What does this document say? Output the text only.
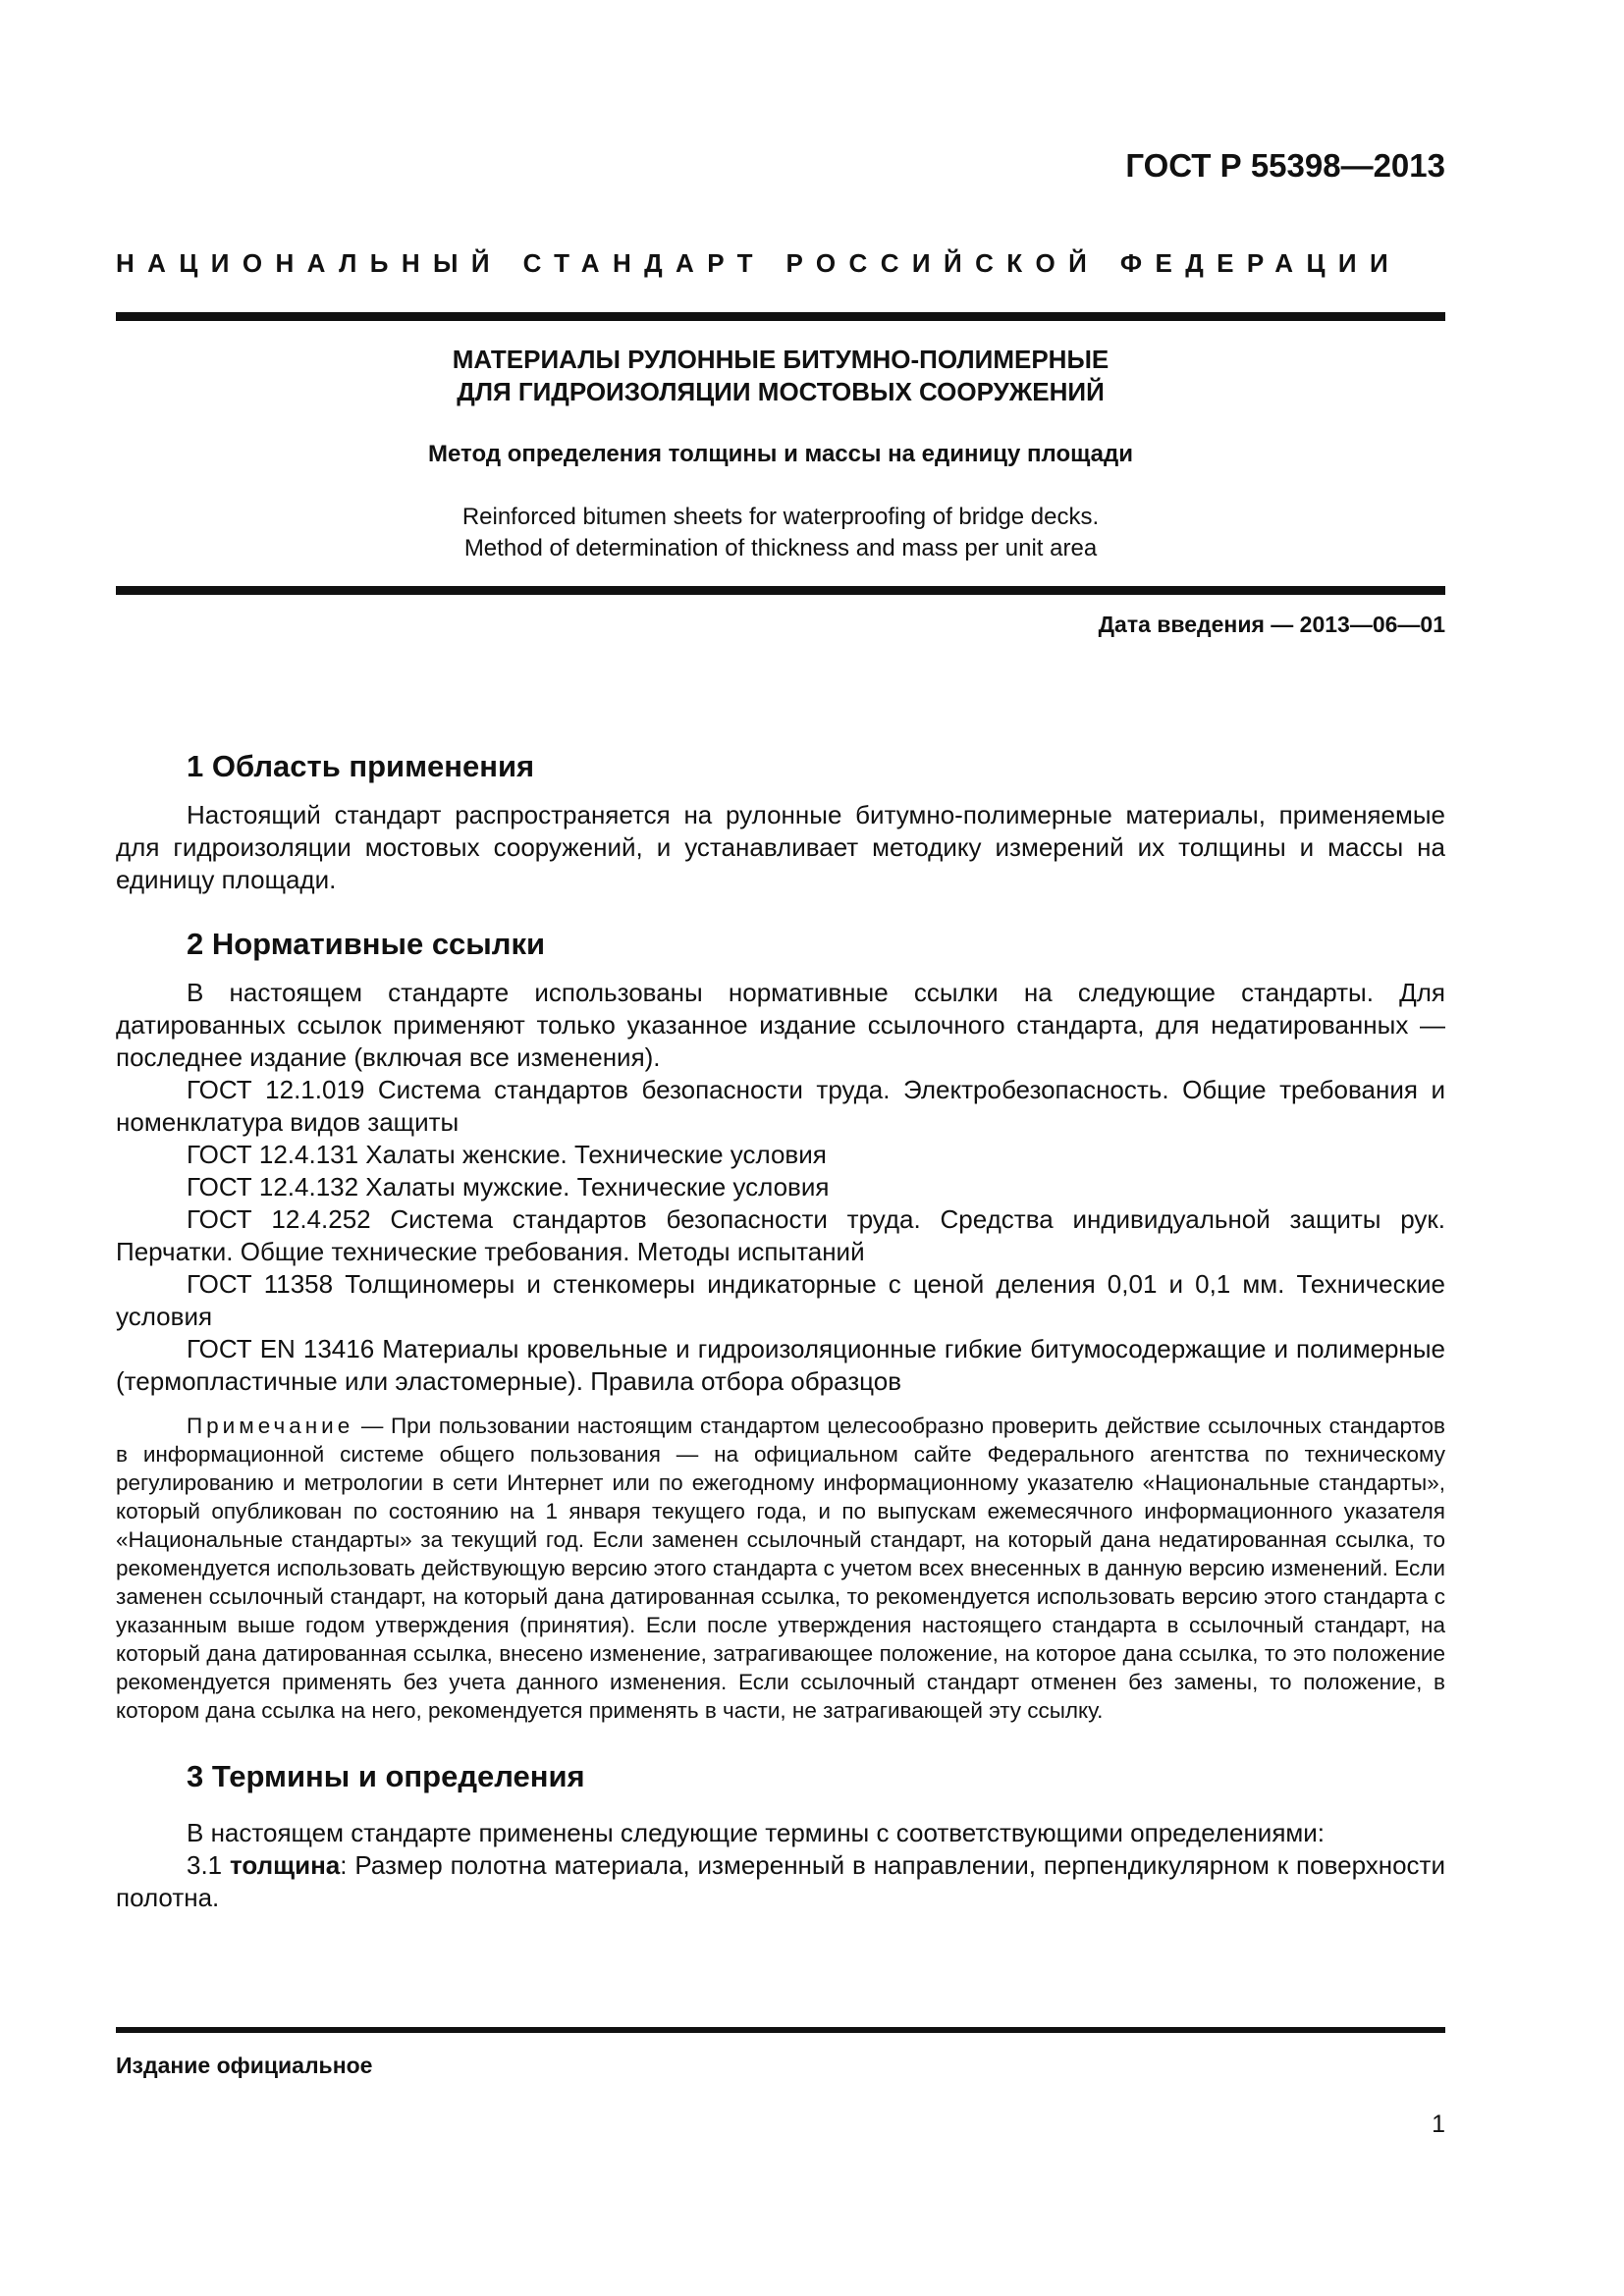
ГОСТ Р 55398—2013
НАЦИОНАЛЬНЫЙ СТАНДАРТ РОССИЙСКОЙ ФЕДЕРАЦИИ
МАТЕРИАЛЫ РУЛОННЫЕ БИТУМНО-ПОЛИМЕРНЫЕ
ДЛЯ ГИДРОИЗОЛЯЦИИ МОСТОВЫХ СООРУЖЕНИЙ
Метод определения толщины и массы на единицу площади
Reinforced bitumen sheets for waterproofing of bridge decks.
Method of determination of thickness and mass per unit area
Дата введения — 2013—06—01
1 Область применения

Настоящий стандарт распространяется на рулонные битумно-полимерные материалы, применяемые для гидроизоляции мостовых сооружений, и устанавливает методику измерений их толщины и массы на единицу площади.

2 Нормативные ссылки

В настоящем стандарте использованы нормативные ссылки на следующие стандарты. Для датированных ссылок применяют только указанное издание ссылочного стандарта, для недатированных — последнее издание (включая все изменения).

ГОСТ 12.1.019 Система стандартов безопасности труда. Электробезопасность. Общие требования и номенклатура видов защиты

ГОСТ 12.4.131 Халаты женские. Технические условия

ГОСТ 12.4.132 Халаты мужские. Технические условия

ГОСТ 12.4.252 Система стандартов безопасности труда. Средства индивидуальной защиты рук. Перчатки. Общие технические требования. Методы испытаний

ГОСТ 11358 Толщиномеры и стенкомеры индикаторные с ценой деления 0,01 и 0,1 мм. Технические условия

ГОСТ EN 13416 Материалы кровельные и гидроизоляционные гибкие битумосодержащие и полимерные (термопластичные или эластомерные). Правила отбора образцов

Примечание — При пользовании настоящим стандартом целесообразно проверить действие ссылочных стандартов в информационной системе общего пользования — на официальном сайте Федерального агентства по техническому регулированию и метрологии в сети Интернет или по ежегодному информационному указателю «Национальные стандарты», который опубликован по состоянию на 1 января текущего года, и по выпускам ежемесячного информационного указателя «Национальные стандарты» за текущий год. Если заменен ссылочный стандарт, на который дана недатированная ссылка, то рекомендуется использовать действующую версию этого стандарта с учетом всех внесенных в данную версию изменений. Если заменен ссылочный стандарт, на который дана датированная ссылка, то рекомендуется использовать версию этого стандарта с указанным выше годом утверждения (принятия). Если после утверждения настоящего стандарта в ссылочный стандарт, на который дана датированная ссылка, внесено изменение, затрагивающее положение, на которое дана ссылка, то это положение рекомендуется применять без учета данного изменения. Если ссылочный стандарт отменен без замены, то положение, в котором дана ссылка на него, рекомендуется применять в части, не затрагивающей эту ссылку.

3 Термины и определения

В настоящем стандарте применены следующие термины с соответствующими определениями:

3.1 толщина: Размер полотна материала, измеренный в направлении, перпендикулярном к поверхности полотна.

Издание официальное
1
